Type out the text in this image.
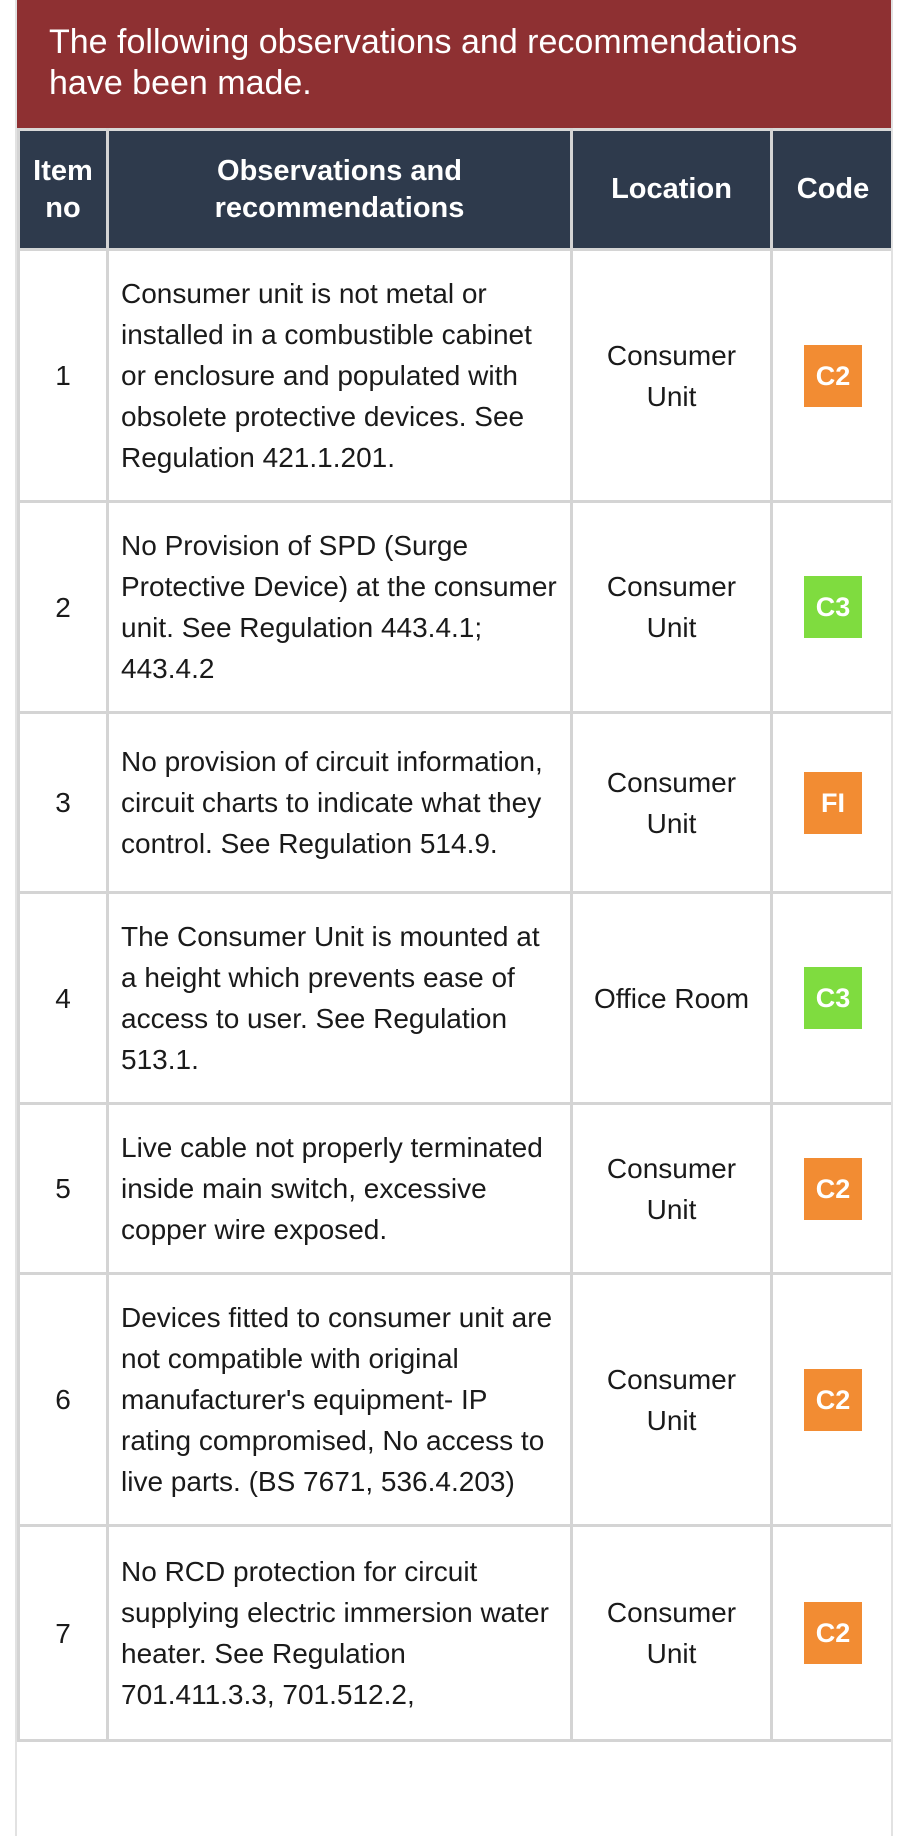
The following observations and recommendations have been made.

Item no	Observations and recommendations	Location	Code
1	Consumer unit is not metal or installed in a combustible cabinet or enclosure and populated with obsolete protective devices. See Regulation 421.1.201.	Consumer Unit	C2
2	No Provision of SPD (Surge Protective Device) at the consumer unit. See Regulation 443.4.1; 443.4.2	Consumer Unit	C3
3	No provision of circuit information, circuit charts to indicate what they control. See Regulation 514.9.	Consumer Unit	FI
4	The Consumer Unit is mounted at a height which prevents ease of access to user. See Regulation 513.1.	Office Room	C3
5	Live cable not properly terminated inside main switch, excessive copper wire exposed.	Consumer Unit	C2
6	Devices fitted to consumer unit are not compatible with original manufacturer's equipment- IP rating compromised, No access to live parts. (BS 7671, 536.4.203)	Consumer Unit	C2
7	No RCD protection for circuit supplying electric immersion water heater. See Regulation 701.411.3.3, 701.512.2,	Consumer Unit	C2
